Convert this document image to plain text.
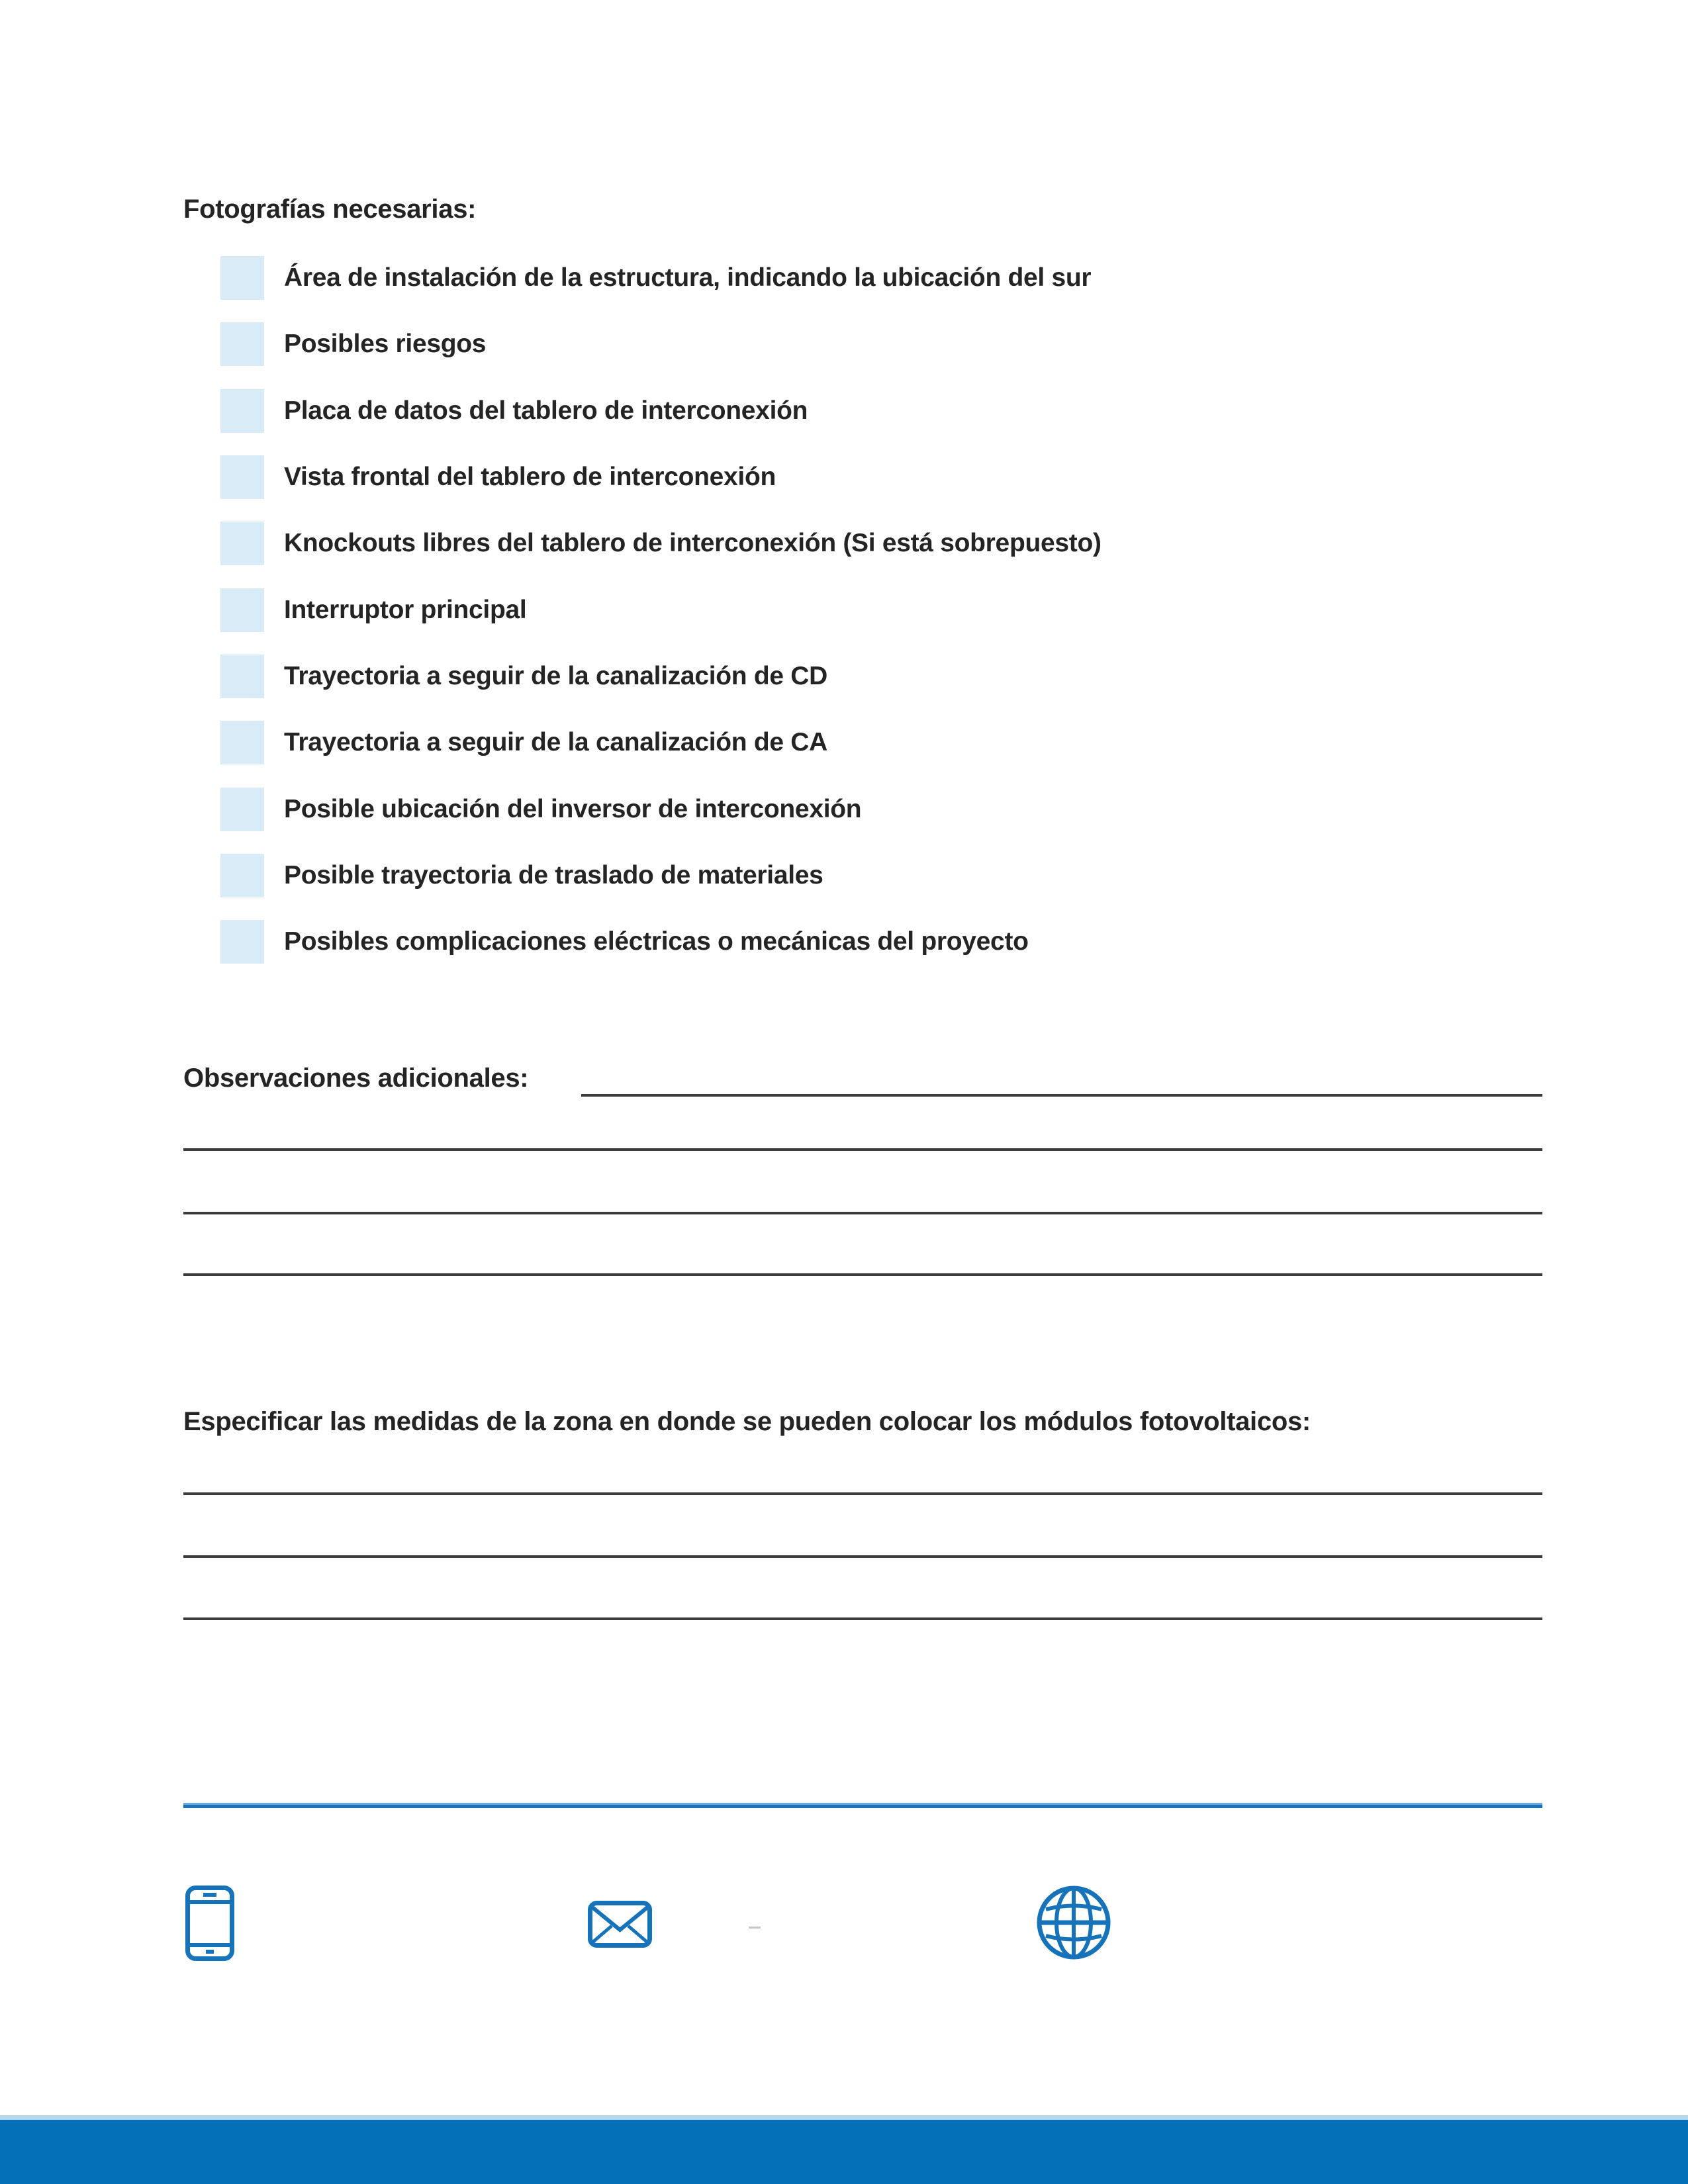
Fotografías necesarias:
Área de instalación de la estructura, indicando la ubicación del sur
Posibles riesgos
Placa de datos del tablero de interconexión
Vista frontal del tablero de interconexión
Knockouts libres del tablero de interconexión (Si está sobrepuesto)
Interruptor principal
Trayectoria a seguir de la canalización de CD
Trayectoria a seguir de la canalización de CA
Posible ubicación del inversor de interconexión
Posible trayectoria de traslado de materiales
Posibles complicaciones eléctricas o mecánicas del proyecto
Observaciones adicionales:
Especificar las medidas de la zona en donde se pueden colocar los módulos fotovoltaicos:
